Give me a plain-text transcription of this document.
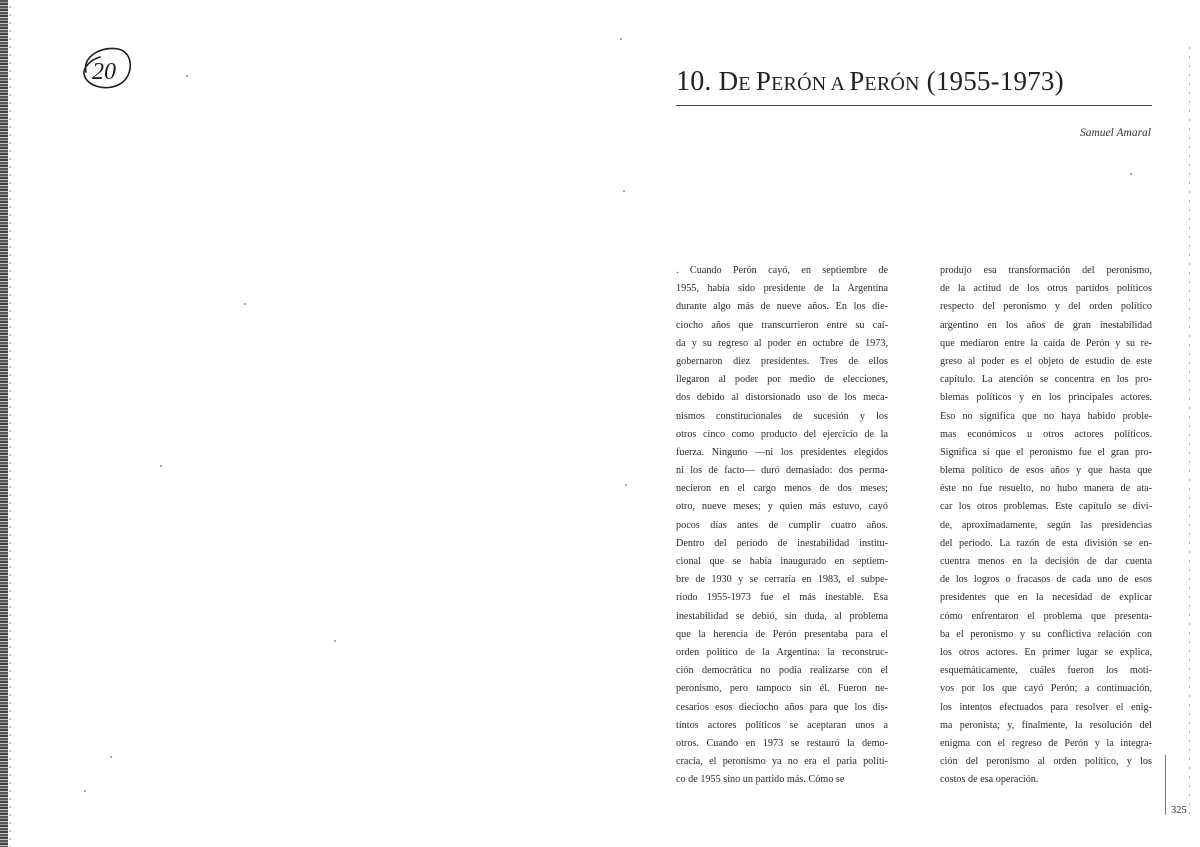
20	10. DE PERÓN A PERÓN (1955-1973)
Samuel Amaral
. Cuando Perón cayó, en septiembre de
1955, había sido presidente de la Argentina
durante algo más de nueve años. En los die-
ciocho años que transcurrieron entre su caí-
da y su regreso al poder en octubre de 1973,
gobernaron diez presidentes. Tres de ellos
llegaron al poder por medio de elecciones,
dos debido al distorsionado uso de los meca-
nismos constitucionales de sucesión y los
otros cinco como producto del ejercicio de la
fuerza. Ninguno —ni los presidentes elegidos
ni los de facto— duró demasiado: dos perma-
necieron en el cargo menos de dos meses;
otro, nueve meses; y quien más estuvo, cayó
pocos días antes de cumplir cuatro años.
Dentro del período de inestabilidad institu-
cional que se había inaugurado en septiem-
bre de 1930 y se cerraría en 1983, el subpe-
ríodo 1955-1973 fue el más inestable. Esa
inestabilidad se debió, sin duda, al problema
que la herencia de Perón presentaba para el
orden político de la Argentina: la reconstruc-
ción democrática no podía realizarse con el
peronismo, pero tampoco sin él. Fueron ne-
cesarios esos dieciocho años para que los dis-
tintos actores políticos se aceptaran unos a
otros. Cuando en 1973 se restauró la demo-
cracia, el peronismo ya no era el paria políti-
co de 1955 sino un partido más. Cómo se
produjo esa transformación del peronismo,
de la actitud de los otros partidos políticos
respecto del peronismo y del orden político
argentino en los años de gran inestabilidad
que mediaron entre la caída de Perón y su re-
greso al poder es el objeto de estudio de este
capítulo. La atención se concentra en los pro-
blemas políticos y en los principales actores.
Eso no significa que no haya habido proble-
mas económicos u otros actores políticos.
Significa sí que el peronismo fue el gran pro-
blema político de esos años y que hasta que
éste no fue resuelto, no hubo manera de ata-
car los otros problemas. Este capítulo se divi-
de, aproximadamente, según las presidencias
del período. La razón de esta división se en-
cuentra menos en la decisión de dar cuenta
de los logros o fracasos de cada uno de esos
presidentes que en la necesidad de explicar
cómo enfrentaron el problema que presenta-
ba el peronismo y su conflictiva relación con
los otros actores. En primer lugar se explica,
esquemáticamente, cuáles fueron los moti-
vos por los que cayó Perón; a continuación,
los intentos efectuados para resolver el enig-
ma peronista; y, finalmente, la resolución del
enigma con el regreso de Perón y la integra-
ción del peronismo al orden político, y los
costos de esa operación.
325
